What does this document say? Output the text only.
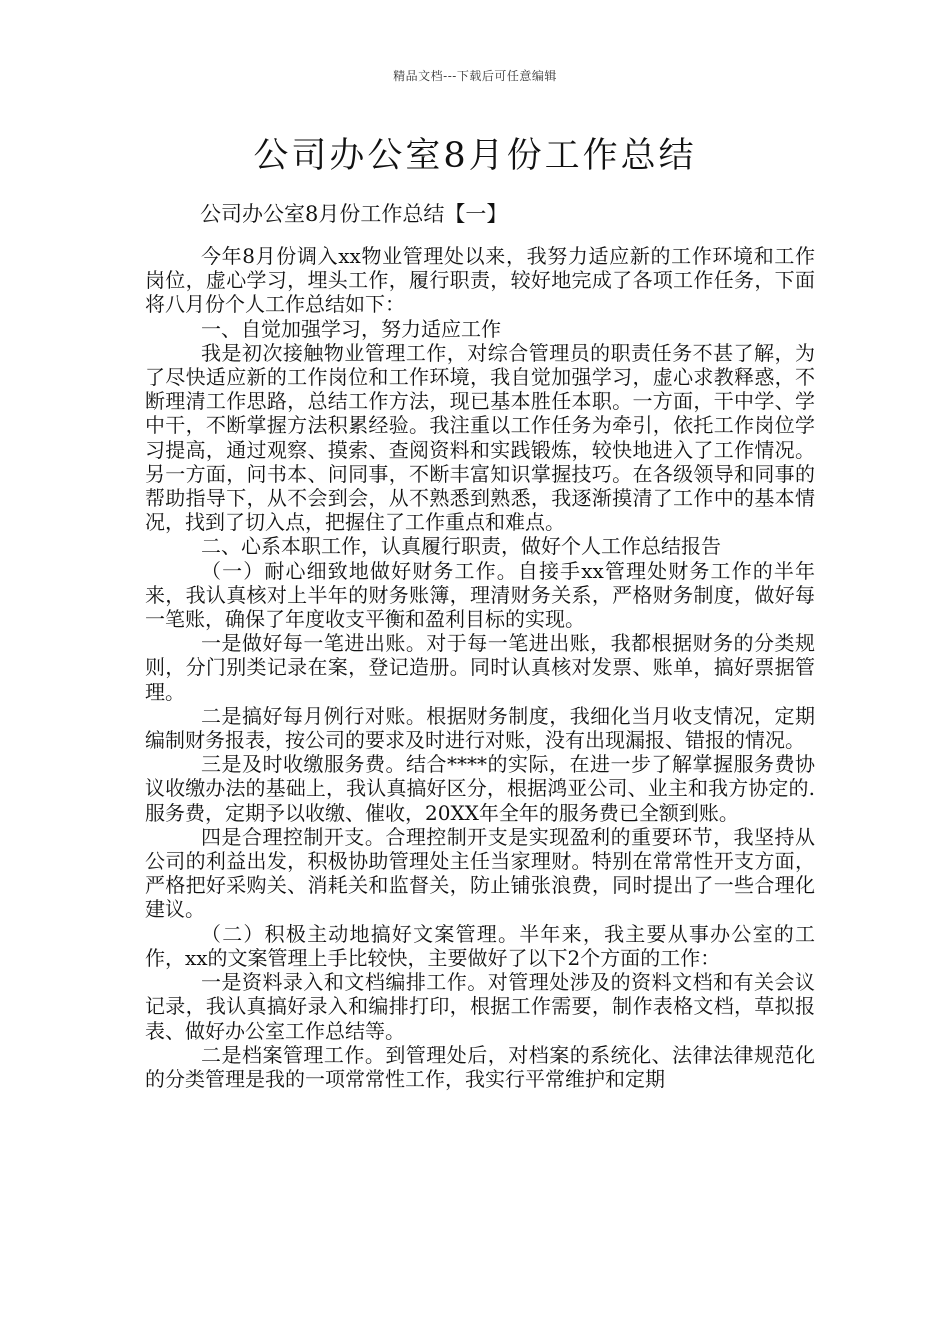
精品文档---下载后可任意编辑
公司办公室8月份工作总结
公司办公室8月份工作总结【一】

今年8月份调入xx物业管理处以来，我努力适应新的工作环境和工作岗位，虚心学习，埋头工作，履行职责，较好地完成了各项工作任务，下面将八月份个人工作总结如下：

一、自觉加强学习，努力适应工作

我是初次接触物业管理工作，对综合管理员的职责任务不甚了解，为了尽快适应新的工作岗位和工作环境，我自觉加强学习，虚心求教释惑，不断理清工作思路，总结工作方法，现已基本胜任本职。一方面，干中学、学中干，不断掌握方法积累经验。我注重以工作任务为牵引，依托工作岗位学习提高，通过观察、摸索、查阅资料和实践锻炼，较快地进入了工作情况。另一方面，问书本、问同事，不断丰富知识掌握技巧。在各级领导和同事的帮助指导下，从不会到会，从不熟悉到熟悉，我逐渐摸清了工作中的基本情况，找到了切入点，把握住了工作重点和难点。

二、心系本职工作，认真履行职责，做好个人工作总结报告

（一）耐心细致地做好财务工作。自接手xx管理处财务工作的半年来，我认真核对上半年的财务账簿，理清财务关系，严格财务制度，做好每一笔账，确保了年度收支平衡和盈利目标的实现。

一是做好每一笔进出账。对于每一笔进出账，我都根据财务的分类规则，分门别类记录在案，登记造册。同时认真核对发票、账单，搞好票据管理。

二是搞好每月例行对账。根据财务制度，我细化当月收支情况，定期编制财务报表，按公司的要求及时进行对账，没有出现漏报、错报的情况。

三是及时收缴服务费。结合****的实际，在进一步了解掌握服务费协议收缴办法的基础上，我认真搞好区分，根据鸿亚公司、业主和我方协定的.服务费，定期予以收缴、催收，20XX年全年的服务费已全额到账。

四是合理控制开支。合理控制开支是实现盈利的重要环节，我坚持从公司的利益出发，积极协助管理处主任当家理财。特别在常常性开支方面，严格把好采购关、消耗关和监督关，防止铺张浪费，同时提出了一些合理化建议。

（二）积极主动地搞好文案管理。半年来，我主要从事办公室的工作，xx的文案管理上手比较快，主要做好了以下2个方面的工作：

一是资料录入和文档编排工作。对管理处涉及的资料文档和有关会议记录，我认真搞好录入和编排打印，根据工作需要，制作表格文档，草拟报表、做好办公室工作总结等。

二是档案管理工作。到管理处后，对档案的系统化、法律法律规范化的分类管理是我的一项常常性工作，我实行平常维护和定期
